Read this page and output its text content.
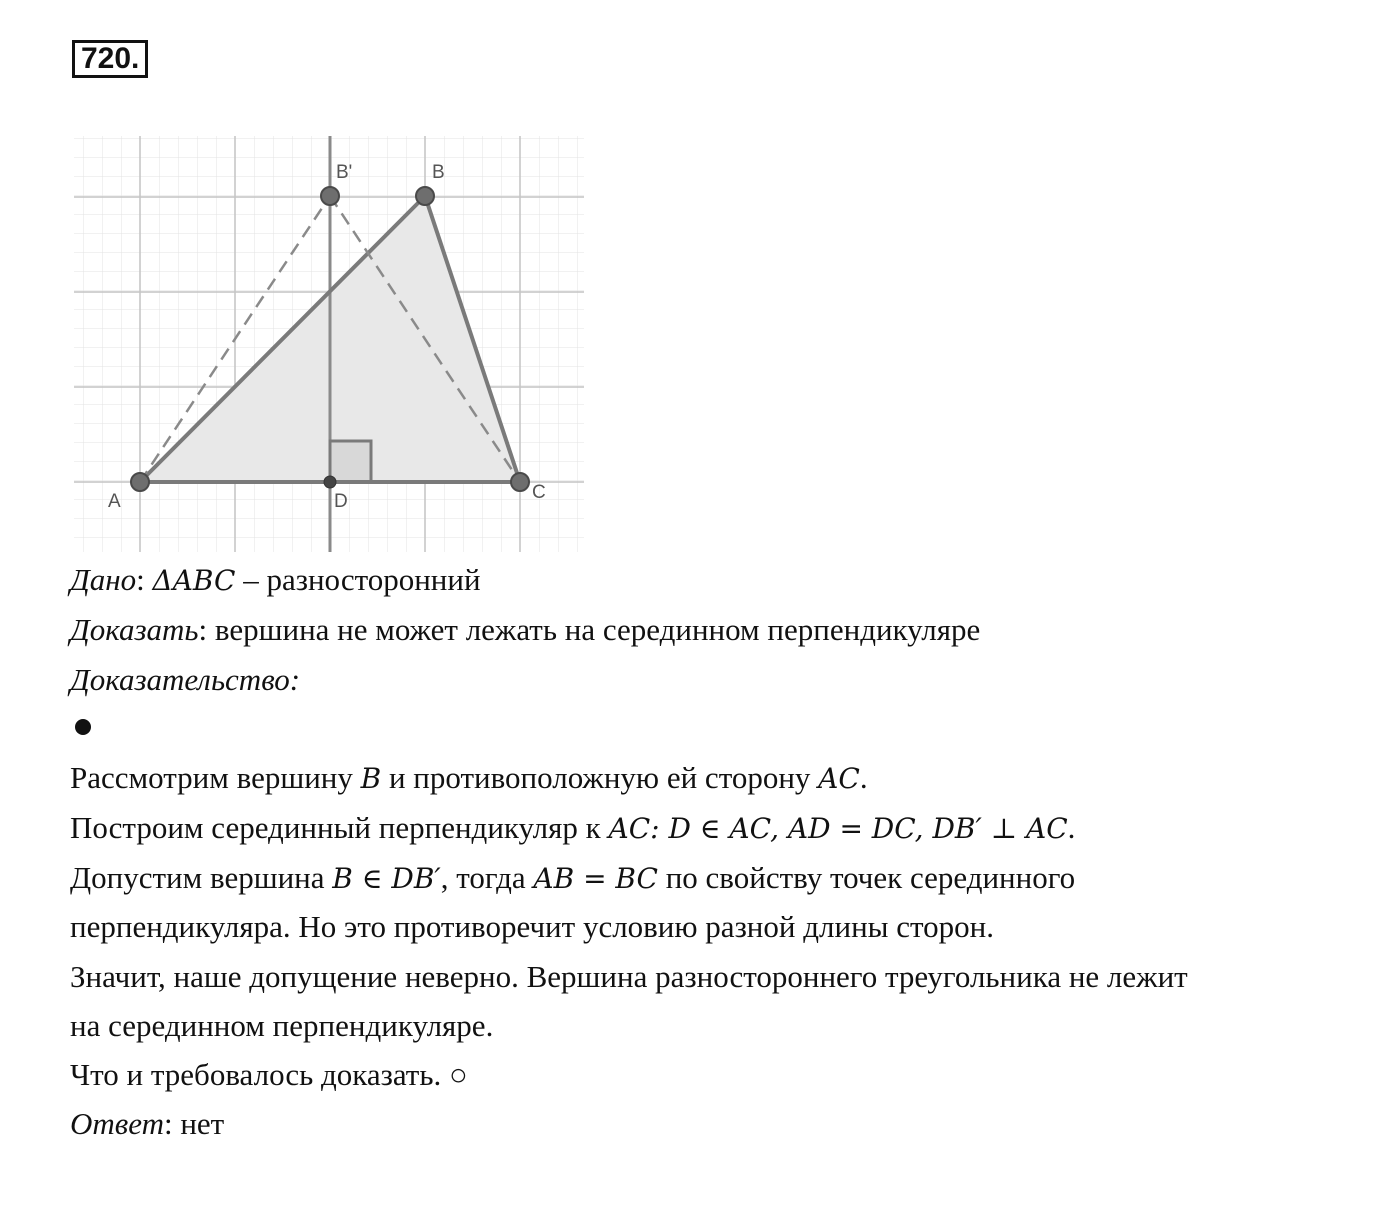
720.
A
B
B'
C
D
Дано: ΔABC – разносторонний
Доказать: вершина не может лежать на серединном перпендикуляре
Доказательство:
Рассмотрим вершину B и противоположную ей сторону AC.
Построим серединный перпендикуляр к AC: D ∈ AC, AD = DC, DB′ ⊥ AC.
Допустим вершина B ∈ DB′, тогда AB = BC по свойству точек серединного
перпендикуляра. Но это противоречит условию разной длины сторон.
Значит, наше допущение неверно. Вершина разностороннего треугольника не лежит
на серединном перпендикуляре.
Что и требовалось доказать. ○
Ответ: нет
